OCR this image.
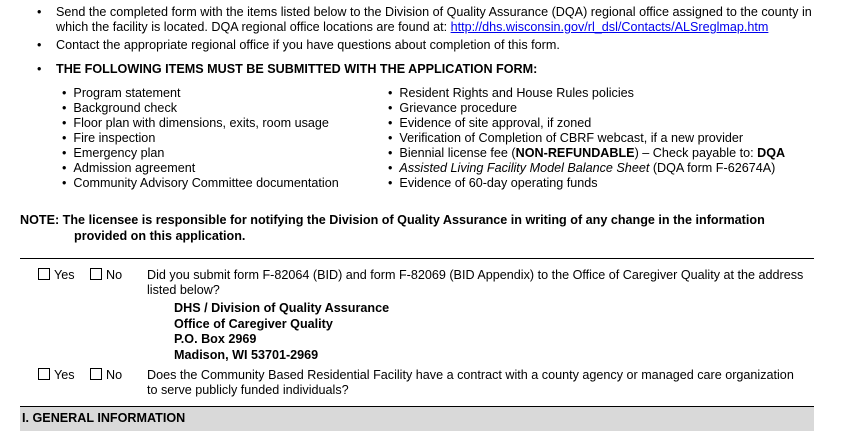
• Send the completed form with the items listed below to the Division of Quality Assurance (DQA) regional office assigned to the county in
which the facility is located. DQA regional office locations are found at: http://dhs.wisconsin.gov/rl_dsl/Contacts/ALSreglmap.htm
• Contact the appropriate regional office if you have questions about completion of this form.
• THE FOLLOWING ITEMS MUST BE SUBMITTED WITH THE APPLICATION FORM:
•  Program statement
•  Background check
•  Floor plan with dimensions, exits, room usage
•  Fire inspection
•  Emergency plan
•  Admission agreement
•  Community Advisory Committee documentation
•  Resident Rights and House Rules policies
•  Grievance procedure
•  Evidence of site approval, if zoned
•  Verification of Completion of CBRF webcast, if a new provider
•  Biennial license fee (NON-REFUNDABLE) – Check payable to: DQA
•  Assisted Living Facility Model Balance Sheet (DQA form F-62674A)
•  Evidence of 60-day operating funds
NOTE: The licensee is responsible for notifying the Division of Quality Assurance in writing of any change in the information
provided on this application.
Yes	No Did you submit form F-82064 (BID) and form F-82069 (BID Appendix) to the Office of Caregiver Quality at the address
listed below?
DHS / Division of Quality Assurance
Office of Caregiver Quality
P.O. Box 2969
Madison, WI 53701-2969
Yes	No Does the Community Based Residential Facility have a contract with a county agency or managed care organization
to serve publicly funded individuals?
I. GENERAL INFORMATION
